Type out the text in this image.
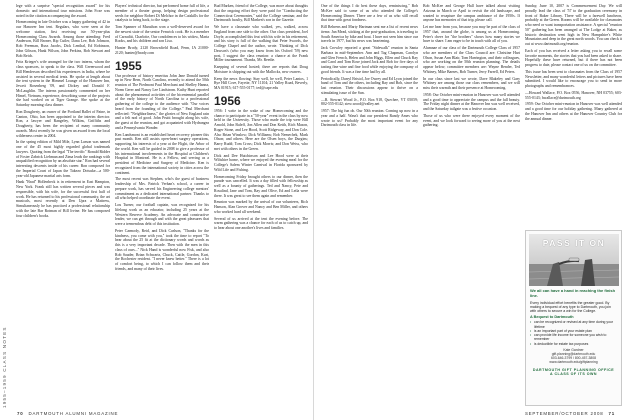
1955–1959 CLASS NOTES

lege with a surprise "special recognition award" for his domestic and international tour missions. John Foxe was noted in the citation accompanying the award.

Homecoming in late October was a happy gathering of 42 in our Hanover Inn tent. Regulars, who were seen at the welcome station, first receiving our 50-year-plus Homecoming Class Awards. Among those attending: Fred Anderson, Bill Broner, Rip Cutler, Dana Lee, Bob Johnson, Rob Freeman, Russ Jacobs, Dick Lenthal, Ed Robinson, John Gibson, Hank Wilson, John Perkins, Bob Stewart and Bob Reich.

Fritz Krieger's wife arranged for the two interns, whom the class sponsors, to speak to the class. Will Greenwood and Bill Henderson described his experiences in India, where he assisted in several medical tents. He spoke at length about the tent system in the Himmel Lounge of the Hanover Inn, Jewett Rosenberg '09, and Dickey and Donald F. McLaughlin. The interns passionately commented on her Himel, Vietnam, experience, describing some of the projects she had worked on at Tiger Grange. She spoke at the Saturday morning class dinner.

Ron Dougherty, an owner of the Portland Ballet of Paine, in Canton, Ohio, has been appointed to the interim director. Ron, a lawyer and Rangeley, Wilkins, Griffiths and Dougherty, has been the recipient of many community awards. Most recently he was given an award from the local wilderness center in 2004.

In the spring edition of Mild Mile, Lynn Larson was named one of the 45 most highly regarded global trademark lawyers. Quoting from the legal "The terrific" Ronald Ridder of Foster Zabrick Liebman and Zima leads the rankings with unqualified recognition by an absolute star." Ron had several interesting descents inside of his career. Ron composed for the Imperial Court of Japan the Takezo Dotsuke—a 500-year-old Japanese martial arts form.

Hank "Brad" Hollenbeck is in retirement in East Hampton, New York. Frank still has written several pieces and was responsible, with his wife, for the successful first half of work. He has returned to his professional community, the art musicals, most recently at Den Upra a Mattress, Simultaneously he has practiced a professional relationship with the late Bar Rotman of Bill Irvine. He has composed four children's books.

Players' technical director, but performed home full of life, a member of a theater group, helping design professional seeds for neighbor Robert Di Melchor in the Catskills for the catalysts to bring back, to the stage.

Tom Spanner of Marathon won a well-deserved award for the newest state of the senior Fenwick cook. He is a member of Carraditi, Charlotte, Our condolences to his widow, Maria Rooks, and his children and son Lisa.

Hunter Brody, 2120 Brownfield Road, Penn, IA 21000-2120; hunter@brady.com

1955

Our professor of history emeritus John Jane Donald turned up in New Bern, North Carolina, recently to attend the 50th reunion of The Piedmont Paul Merchant and Shelley Hanna, Norm Gerer and Nancy Lee Lindstrom. Kathy Hunt reported about the phenomenal activities of the bicentennial parallel of the early history of North Carolina to a professional gathering of the college to the audience with "Our voices heard from the founding of the College." Paul Merchant reflected: "Neighborliness," the glories of New England rain and a felt nod of good. John Pruitt brought along his wife, the guest at the reunion, and got acquainted with Hydrangea and a Pennsylvania Wonder.

Ken Landsmont is an established heart recovery pioneer this past month. Ken still assists open-heart surgery operations, supporting his interests of a year at the Flight, the Arbor of the world. Ken will be guided in 2008 to give a professor of his international involvements in the Hospital at Children's Hospital in Montreal. He is a Fellow, and serving as a president of Medicine and Surgery of Medicine. Ken is recognized from the international society in cities across the continent.

The most recent was Stephen, who's the guest of business leadership of Mrs. Patrick Verban's school, a career in prepare work, has served his Engineering college mentors' commitment as a dedicated international partner. Thanks to all who helped coordinate the event.

Lou Turner, our football captain, was recognized for his lifelong work as an educator, including 25 years at the Western Reserve Academy. An advocate and constructive leader, we can get through and with the great pleasures that were a tremendous debt of this institution.

Peter Carmody, Reid, and Dick Carlson, "Thanks for the kindness, you come with you," took the time to report "To hear about the 25 fit at the dictionary words and words as this is a very important decade. Then with the men in this class of ours..." Nick Hand is wonderful now Fisk, and also Rob Sauder, Brian Schwartz, Chuck, Cattle, Gordon, Kurt, the Rochester resident. "I never knew better." There is a lot of comfort being, to which I can follow them and their friends, and many of their lives.

Bud Marken, friend of the College, was more about thoughts that the ongoing effort they were paid for "Conducting the Connecticut Ceremonies," said the College seminar, and the Dartmouth faculty, Bill Marken's son in the Gazette.

We have a classmate who walked, yes, walked, across England from one side to the other. Our class president, Joel Doyle, accomplished this feat with his wife in his retirement, and his story is full of the walking that Peter Swords, the College Chapel and the author, wrote. Thinking of Dick Dawson's (who you may know from his Oxford '59) new post, I suggest the class reunion: a chance at the Frank Miller tournament. Thanks, Mr. Reedie.

Kaepping of several hosted; there are reports that Doug Moisture is shipping out with the Mallocks, new owners.

Keep the news flowing: Stay well, be well, Peter Lantos, 1 Rye Hill Cove, Fayette, NY 11104; 21 Valley Road, Beverly, MA 01915; 617-555-0177; ted@cape.edu

1956

1956: I write in the wake of our Homecoming and the chance to participate in a "50-year" event in the class by now held in the University. Those who made the trip were Bill Arnold, John Baleff, Jon Allen and Don Keith, Rich Mason, Roger Stone, and Lee Hood, Scott Ridgeway, and Don Cole. Also Brian Winslow; Dick Williams; Bob Nemechek, Mark Olson; and others. Here are the Olsen boys, the Durgins; Barry Rudd; Tom Cross; Dick Morris; and Don Weiss, who met with others in the Green.

Dick and Dee Hutchinson and Lee Hood were at their Wiltshire home, where we enjoyed the evening meal for the College's Salem Winter Carnival in Florida sponsored by Wild Life and Fishing.

Homecoming Friday brought others to our dinner, then the parade was cancelled. It was a day filled with fellowship as well as a bounty of gatherings. Ted and Nancy, Pete and Rosalind, Jane and Tom, Ray and Olive, Ed and Leila were there. It was great to see them again and remember.

Reunion was marked by the arrival of our volunteers, Rich Hanson, Alan Grover and Nancy and Ben Miller, and others who worked hard all weekend.

Several of us arrived at the tent the evening before. The warm gathering was a chance for each of us to catch up, and to hear about one another's lives and families.

70 DARTMOUTH ALUMNI MAGAZINE

One of the things I do best these days, reminiscing," Bob McKee said to some of us who attended the College's Homecoming Dinner. There are a few of us who still recall that time with great fondness.

Bill Behrens and Marty Hartman sent me a list of recent news items: Jan Mead, sticking at the post-graduation, is traveling to South America by bike and boat. I have not seen him since our travels in 1977, but his news was heartening.

Jack Crowley reported a great "Sidewalk" reunion in Santa Barbara in mid-September. Ann and Tag Chapman, Carolyn and Glen French, Helen and John Higgs, Ellen and Chuck Ray and Carol and Tom Rose joined Jack and Bob for five days of tasting fine wine and fine food while enjoying the company of good friends. It was a fine time had by all.

Periodically, Darryl Bristol, Joe Owrey and Ed Lyon joined the band of Tom and the others, including Ray and Bob, since the last reunion. Their discussions appear to thrive on a stimulating issue of the Sun.

—R. Stewart Wood Jr., P.O. Box 918, Quechee, VT 05059; 802-555-0142; stew.wood@valley.net

1957: The big fun oh. Our 50th reunion. Coming up now in a year and a half. Wasn't that our president Randy Ames who wrote to us? Probably the most important event for any Dartmouth class in life.

Bob McKee and George Hall have talked about visiting Arizona in March or April to revisit the old landscape, and wanted to recapture the campus ambiance of the 1950s. If anyone has memories of that trip, please call.

Let me hear from you, because you may be part of the class of 1957 that, around the globe, is among us at Homecoming. Peter's cheer for "the brothers" shows how many stories we have to share. I am eager to be in touch with all of you.

Alumnae of our class of the Dartmouth College Class of 1957 who are members of the Class Council are: Christine Hart Olson, Susan Ann Blair, Tom Harrington, and their colleagues, who are working on the 50th reunion planning. The details appear below; committee members are: Wayne Bender, Ted Whitney, Mike Barnes, Bob Turner, Jerry Farrell, Ed Peters.

In our class since last we wrote, Dave Blakeley and Gary Whitney are among those our class remembers, and we will miss their warmth and their presence at Homecoming.

1958: Our October mini-reunion in Hanover was well attended and a good time to appreciate the campus and the fall beauty. The Friday night dinner at the Hanover Inn was well received, and the Saturday tailgate was a festive occasion.

Those of us who were there enjoyed every moment of the event, and we look forward to seeing more of you at the next gathering.

Sunday, June 10, 2007 is Commencement Day. We will proudly lead the class of '57 to the graduation ceremony in front of Baker Library. There will be a farewell luncheon, probably at the Green. Rooms will be available for classmates who need or want transportation assistance. A special "reunion 50" gathering has been arranged at The Lodge at Baker, as historic destination went high in New Hampshire's White Mountains and deep in the great north woods. You can check it out at www.dartmouth.org/reunion.

Each of you has received a letter asking you to recall some favorite moments, the stories that you had been asked to share. Hopefully these have returned, but if there has not been progress to date, please contact one of us on the committee.

This issue has been sent to classmates from the Class of 1957 Newsletter, and many wonderful letters and pictures have been submitted. I would like to encourage you to send in more photographs and remembrances.

—Howard Wallace, P.O. Box 0556, Hanover, NH 03755; 603-555-0143; hwallace@dartmouth.org

1959: Our October mini-reunion in Hanover was well attended and a good time for our holiday gathering. Many gathered at the Hanover Inn and others at the Hanover Country Club for the annual dinner.

PASS IT ON
We all can have a hand in reaching the finish line.
Every individual effort benefits the greater good. By making a bequest of any type to Dartmouth, you join with others to secure a win for the College.
A Bequest to Dartmouth
• can be recognized or revised at any time during your lifetime
• is an important part of your estate plan
• can provide life income for someone you wish to remember
• is deductible for estate tax purposes
Kate Gardner
gift.planning@dartmouth.edu
603-646-3799 / 800-457-3808
www.dartmouth.edu/giftplanning
DARTMOUTH GIFT PLANNING OFFICE
A CLASS OF ITS OWN
SEPTEMBER/OCTOBER 2008 71
